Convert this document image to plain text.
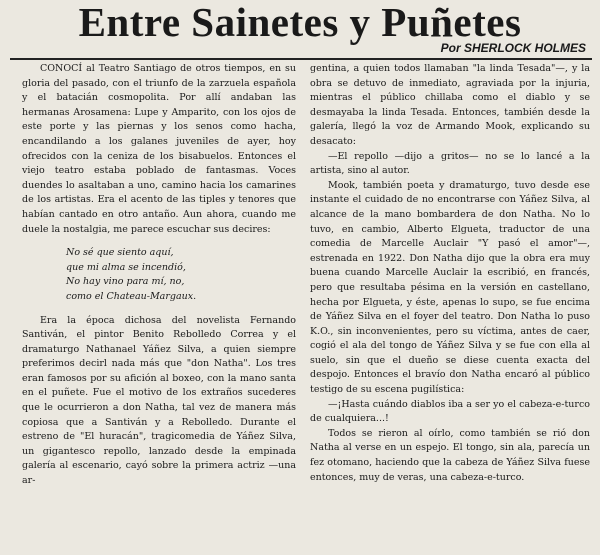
Entre Sainetes y Puñetes
Por SHERLOCK HOLMES

CONOCÍ al Teatro Santiago de otros tiempos, en su gloria del pasado, con el triunfo de la zarzuela española y el batacián cosmopolita. Por allí andaban las hermanas Arosamena: Lupe y Amparito, con los ojos de este porte y las piernas y los senos como hacha, encandilando a los galanes juveniles de ayer, hoy ofrecidos con la ceniza de los bisabuelos. Entonces el viejo teatro estaba poblado de fantasmas. Voces duendes lo asaltaban a uno, camino hacia los camarines de los artistas. Era el acento de las tiples y tenores que habían cantado en otro antaño. Aun ahora, cuando me duele la nostalgia, me parece escuchar sus decires:

No sé que siento aquí,
que mi alma se incendió,
No hay vino para mí, no,
como el Chateau-Margaux.

Era la época dichosa del novelista Fernando Santiván, el pintor Benito Rebolledo Correa y el dramaturgo Nathanael Yáñez Silva, a quien siempre preferimos decirl nada más que "don Natha". Los tres eran famosos por su afición al boxeo, con la mano santa en el puñete. Fue el motivo de los extraños sucederes que le ocurrieron a don Natha, tal vez de manera más copiosa que a Santiván y a Rebolledo. Durante el estreno de "El huracán", tragicomedia de Yáñez Silva, un gigantesco repollo, lanzado desde la empinada galería al escenario, cayó sobre la primera actriz —una ar-

gentina, a quien todos llamaban "la linda Tesada"—, y la obra se detuvo de inmediato, agraviada por la injuria, mientras el público chillaba como el diablo y se desmayaba la linda Tesada. Entonces, también desde la galería, llegó la voz de Armando Mook, explicando su desacato:

—El repollo —dijo a gritos— no se lo lancé a la artista, sino al autor.

Mook, también poeta y dramaturgo, tuvo desde ese instante el cuidado de no encontrarse con Yáñez Silva, al alcance de la mano bombardera de don Natha. No lo tuvo, en cambio, Alberto Elgueta, traductor de una comedia de Marcelle Auclair "Y pasó el amor"—, estrenada en 1922. Don Natha dijo que la obra era muy buena cuando Marcelle Auclair la escribió, en francés, pero que resultaba pésima en la versión en castellano, hecha por Elgueta, y éste, apenas lo supo, se fue encima de Yáñez Silva en el foyer del teatro. Don Natha lo puso K.O., sin inconvenientes, pero su víctima, antes de caer, cogió el ala del tongo de Yáñez Silva y se fue con ella al suelo, sin que el dueño se diese cuenta exacta del despojo. Entonces el bravío don Natha encaró al público testigo de su escena pugilística:

—¡Hasta cuándo diablos iba a ser yo el cabeza-e-turco de cualquiera...!

Todos se rieron al oírlo, como también se rió don Natha al verse en un espejo. El tongo, sin ala, parecía un fez otomano, haciendo que la cabeza de Yáñez Silva fuese entonces, muy de veras, una cabeza-e-turco.
